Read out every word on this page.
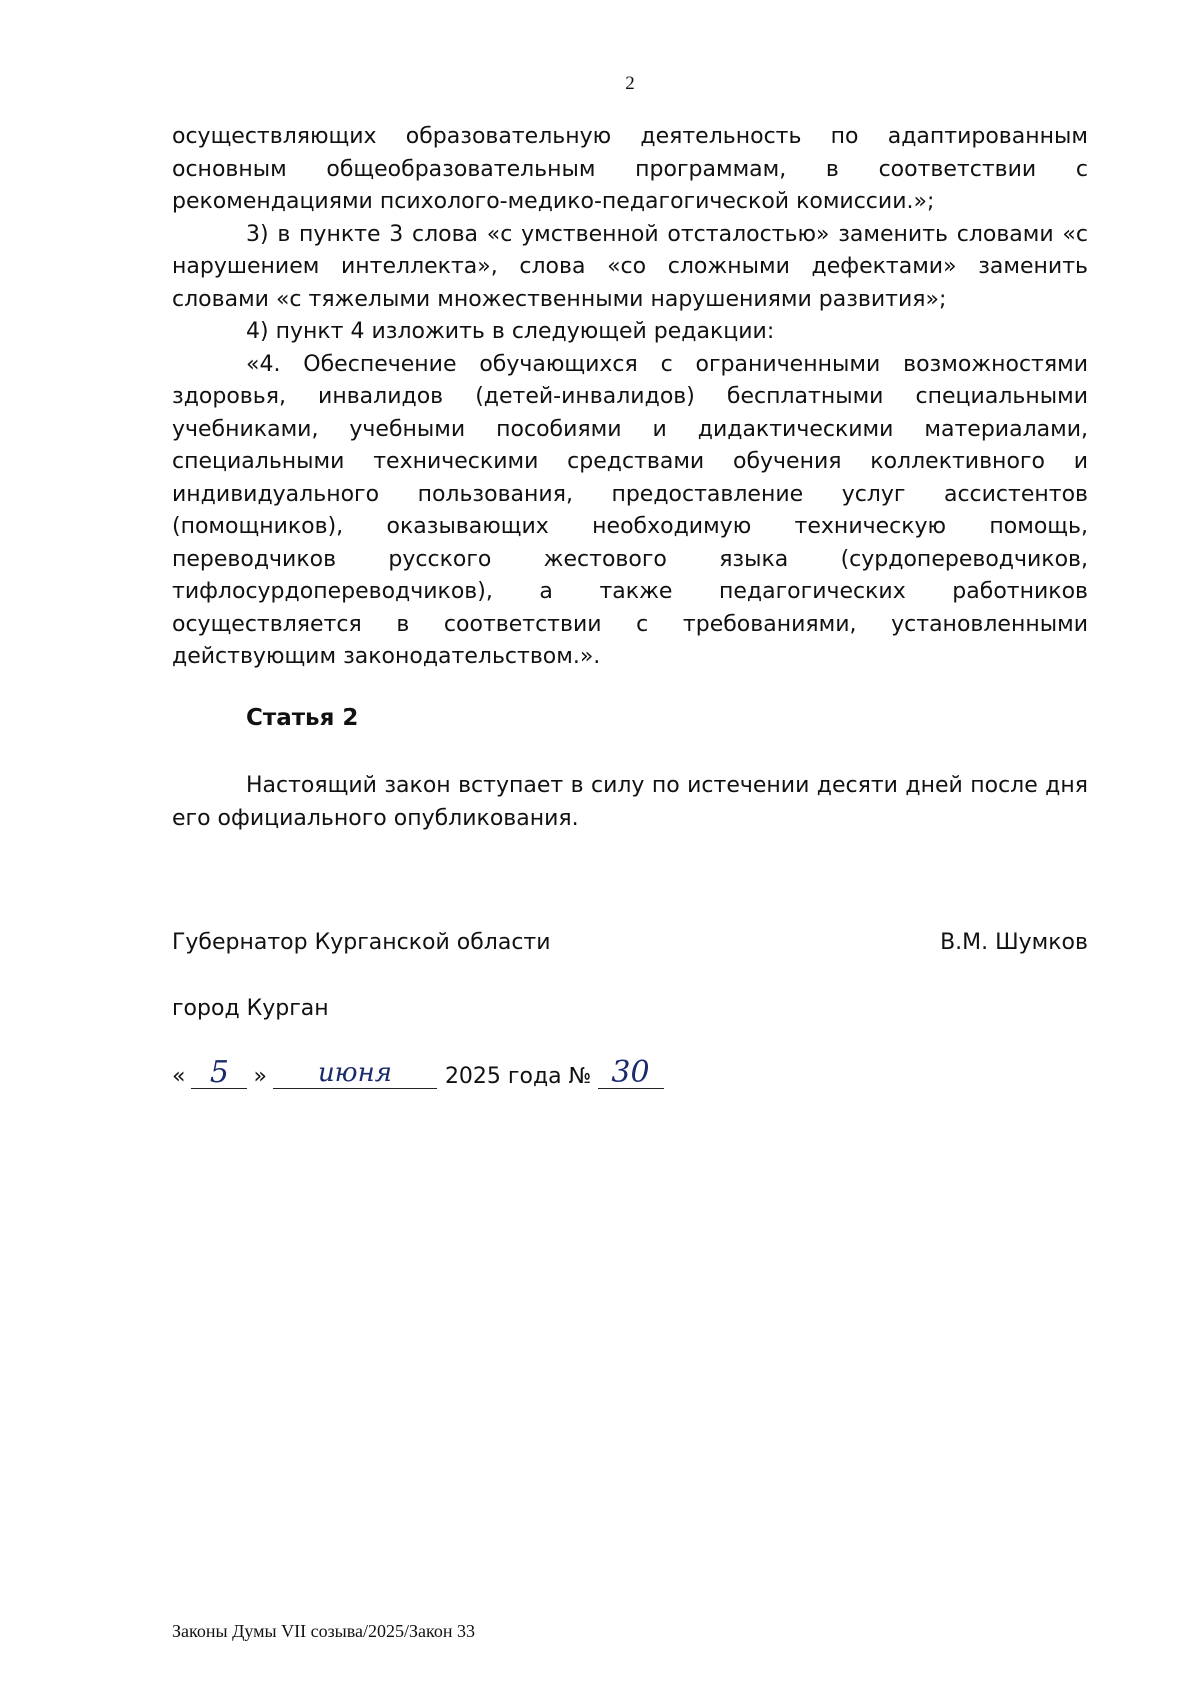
2

осуществляющих образовательную деятельность по адаптированным основным общеобразовательным программам, в соответствии с рекомендациями психолого-медико-педагогической комиссии.»;

3) в пункте 3 слова «с умственной отсталостью» заменить словами «с нарушением интеллекта», слова «со сложными дефектами» заменить словами «с тяжелыми множественными нарушениями развития»;

4) пункт 4 изложить в следующей редакции:

«4. Обеспечение обучающихся с ограниченными возможностями здоровья, инвалидов (детей-инвалидов) бесплатными специальными учебниками, учебными пособиями и дидактическими материалами, специальными техническими средствами обучения коллективного и индивидуального пользования, предоставление услуг ассистентов (помощников), оказывающих необходимую техническую помощь, переводчиков русского жестового языка (сурдопереводчиков, тифлосурдопереводчиков), а также педагогических работников осуществляется в соответствии с требованиями, установленными действующим законодательством.».

Статья 2

Настоящий закон вступает в силу по истечении десяти дней после дня его официального опубликования.

Губернатор Курганской области	В.М. Шумков
город Курган
« 5	»	июня	2025 года № 30
Законы Думы VII созыва/2025/Закон 33
